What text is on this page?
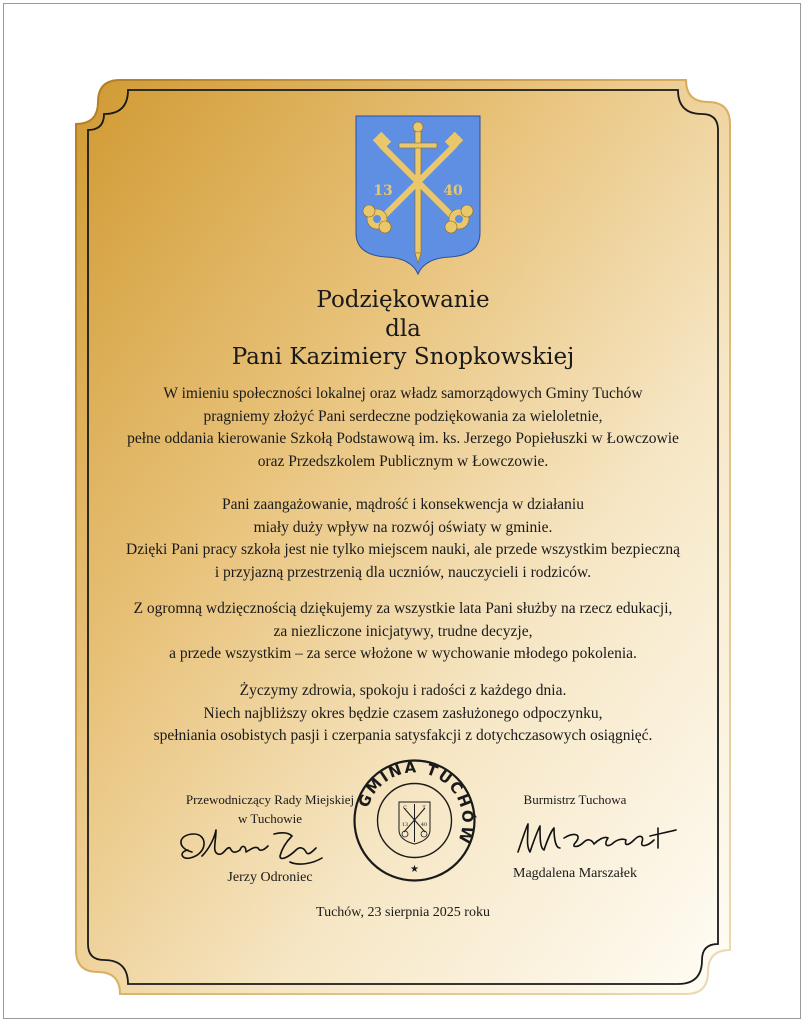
C	T
13	40
Podziękowanie
dla
Pani Kazimiery Snopkowskiej

W imieniu społeczności lokalnej oraz władz samorządowych Gminy Tuchów
pragniemy złożyć Pani serdeczne podziękowania za wieloletnie,
pełne oddania kierowanie Szkołą Podstawową im. ks. Jerzego Popiełuszki w Łowczowie
oraz Przedszkolem Publicznym w Łowczowie.

Pani zaangażowanie, mądrość i konsekwencja w działaniu
miały duży wpływ na rozwój oświaty w gminie.
Dzięki Pani pracy szkoła jest nie tylko miejscem nauki, ale przede wszystkim bezpieczną
i przyjazną przestrzenią dla uczniów, nauczycieli i rodziców.

Z ogromną wdzięcznością dziękujemy za wszystkie lata Pani służby na rzecz edukacji,
za niezliczone inicjatywy, trudne decyzje,
a przede wszystkim – za serce włożone w wychowanie młodego pokolenia.

Życzymy zdrowia, spokoju i radości z każdego dnia.
Niech najbliższy okres będzie czasem zasłużonego odpoczynku,
spełniania osobistych pasji i czerpania satysfakcji z dotychczasowych osiągnięć.

Przewodniczący Rady Miejskiej
w Tuchowie
Jerzy Odroniec
GMINA TUCHÓW
C	T
13	40
★
Burmistrz Tuchowa
Magdalena Marszałek
Tuchów, 23 sierpnia 2025 roku
